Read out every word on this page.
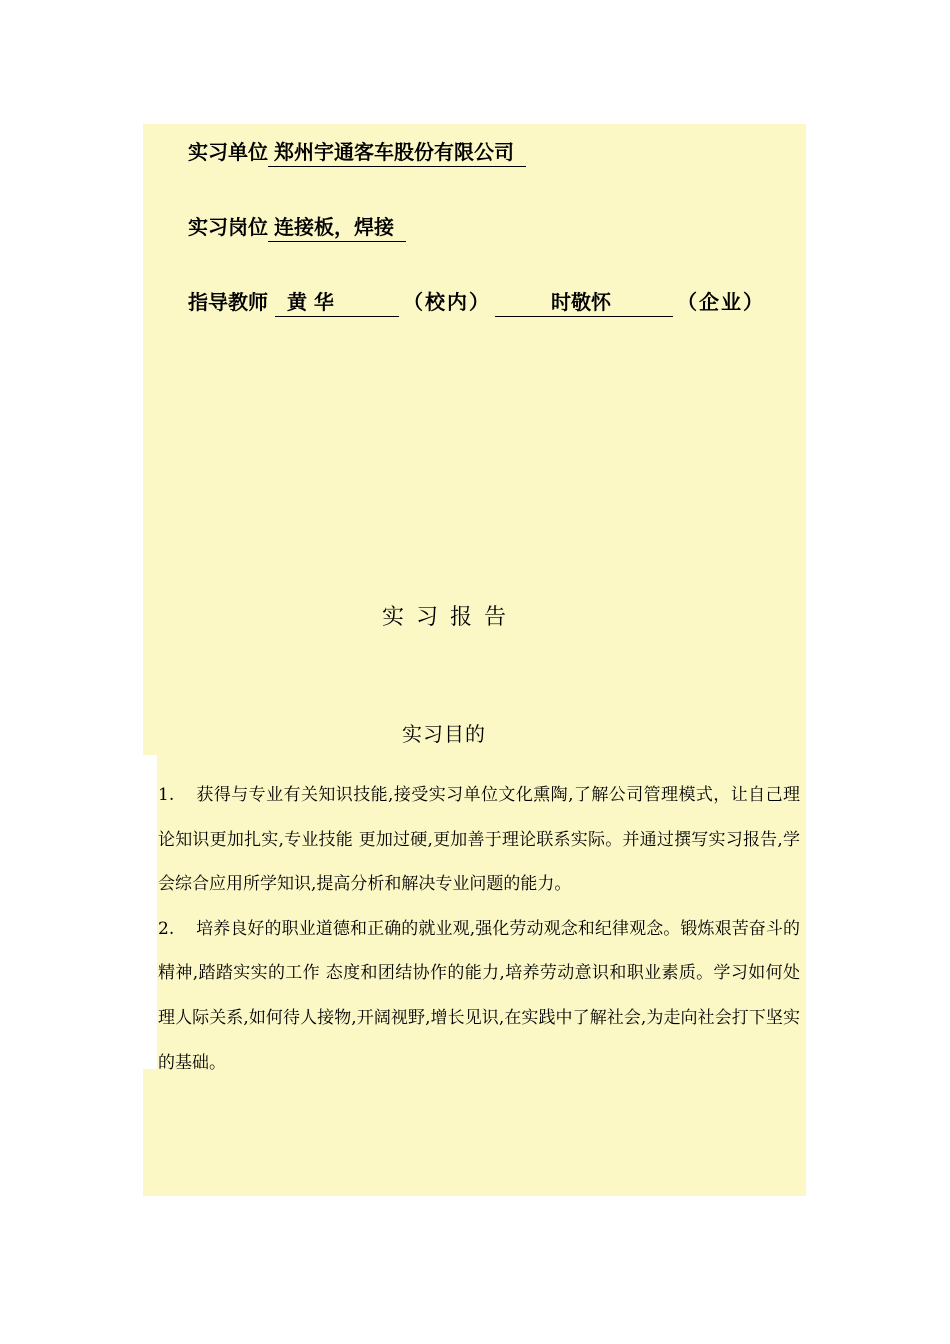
实习单位 郑州宇通客车股份有限公司
实习岗位 连接板，焊接
指导教师 黄 华	（校内）	时敬怀	（企业）
实习报告
实习目的

1. 获得与专业有关知识技能,接受实习单位文化熏陶,了解公司管理模式，让自己理论知识更加扎实,专业技能 更加过硬,更加善于理论联系实际。并通过撰写实习报告,学会综合应用所学知识,提高分析和解决专业问题的能力。

2. 培养良好的职业道德和正确的就业观,强化劳动观念和纪律观念。锻炼艰苦奋斗的精神,踏踏实实的工作 态度和团结协作的能力,培养劳动意识和职业素质。学习如何处理人际关系,如何待人接物,开阔视野,增长见识,在实践中了解社会,为走向社会打下坚实的基础。
